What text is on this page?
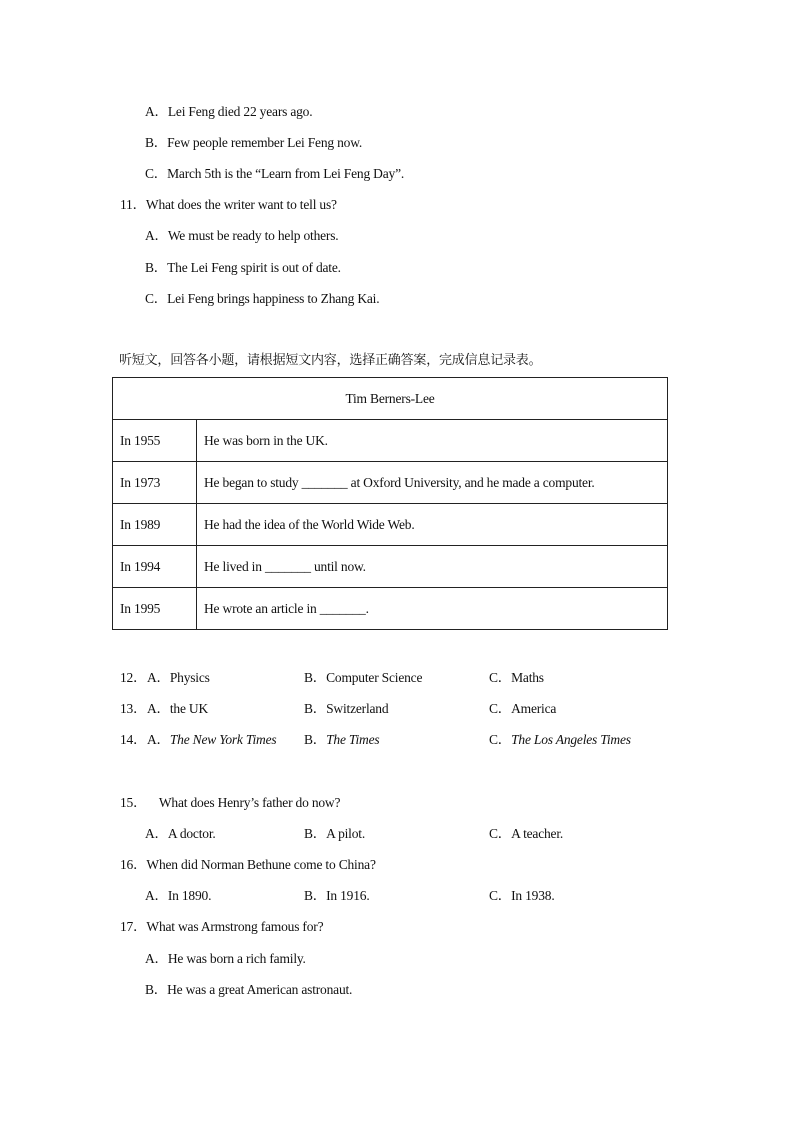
A．Lei Feng died 22 years ago.
B．Few people remember Lei Feng now.
C．March 5th is the “Learn from Lei Feng Day”.
11．What does the writer want to tell us?
A．We must be ready to help others.
B．The Lei Feng spirit is out of date.
C．Lei Feng brings happiness to Zhang Kai.
听短文，回答各小题，请根据短文内容，选择正确答案，完成信息记录表。
Tim Berners-Lee	
In 1955	He was born in the UK.
In 1973	He began to study _______ at Oxford University, and he made a computer.
In 1989	He had the idea of the World Wide Web.
In 1994	He lived in _______ until now.
In 1995	He wrote an article in _______.
12． A．Physics	B．Computer Science	C．Maths
13． A．the UK	B．Switzerland	C．America
14． A．The New York Times B．The Times	C．The Los Angeles Times
15．    What does Henry’s father do now?
A．A doctor.	B．A pilot.	C．A teacher.
16．When did Norman Bethune come to China?
A．In 1890.	B．In 1916.	C．In 1938.
17．What was Armstrong famous for?
A．He was born a rich family.
B．He was a great American astronaut.
